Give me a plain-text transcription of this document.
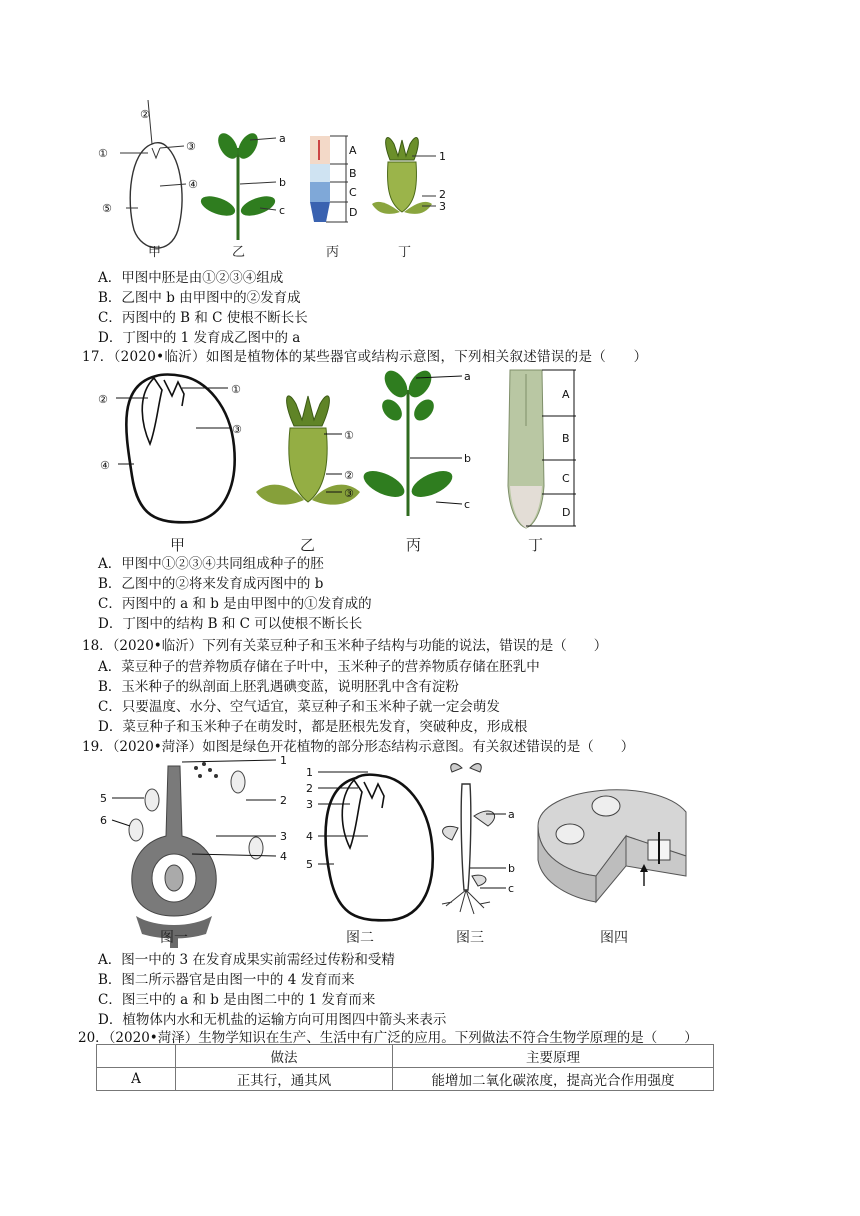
①
②
③
④
⑤
a
b
c
A
B
C
D
1
2
3
甲	乙	丙	丁
A．甲图中胚是由①②③④组成
B．乙图中 b 由甲图中的②发育成
C．丙图中的 B 和 C 使根不断长长
D．丁图中的 1 发育成乙图中的 a
17．（2020•临沂）如图是植物体的某些器官或结构示意图，下列相关叙述错误的是（　　）
②
①
③
④
①
②
③
a
b
c
A
B
C
D
甲	乙	丙	丁
A．甲图中①②③④共同组成种子的胚
B．乙图中的②将来发育成丙图中的 b
C．丙图中的 a 和 b 是由甲图中的①发育成的
D．丁图中的结构 B 和 C 可以使根不断长长
18．（2020•临沂）下列有关菜豆种子和玉米种子结构与功能的说法，错误的是（　　）
A．菜豆种子的营养物质存储在子叶中，玉米种子的营养物质存储在胚乳中
B．玉米种子的纵剖面上胚乳遇碘变蓝，说明胚乳中含有淀粉
C．只要温度、水分、空气适宜，菜豆种子和玉米种子就一定会萌发
D．菜豆种子和玉米种子在萌发时，都是胚根先发育，突破种皮，形成根
19．（2020•菏泽）如图是绿色开花植物的部分形态结构示意图。有关叙述错误的是（　　）
1
2
3
4
5
6
1
2
3
4
5
a
b
c
图一	图二	图三	图四
A．图一中的 3 在发育成果实前需经过传粉和受精
B．图二所示器官是由图一中的 4 发育而来
C．图三中的 a 和 b 是由图二中的 1 发育而来
D．植物体内水和无机盐的运输方向可用图四中箭头来表示
20．（2020•菏泽）生物学知识在生产、生活中有广泛的应用。下列做法不符合生物学原理的是（　　）
	做法	主要原理
A	正其行，通其风	能增加二氧化碳浓度，提高光合作用强度
